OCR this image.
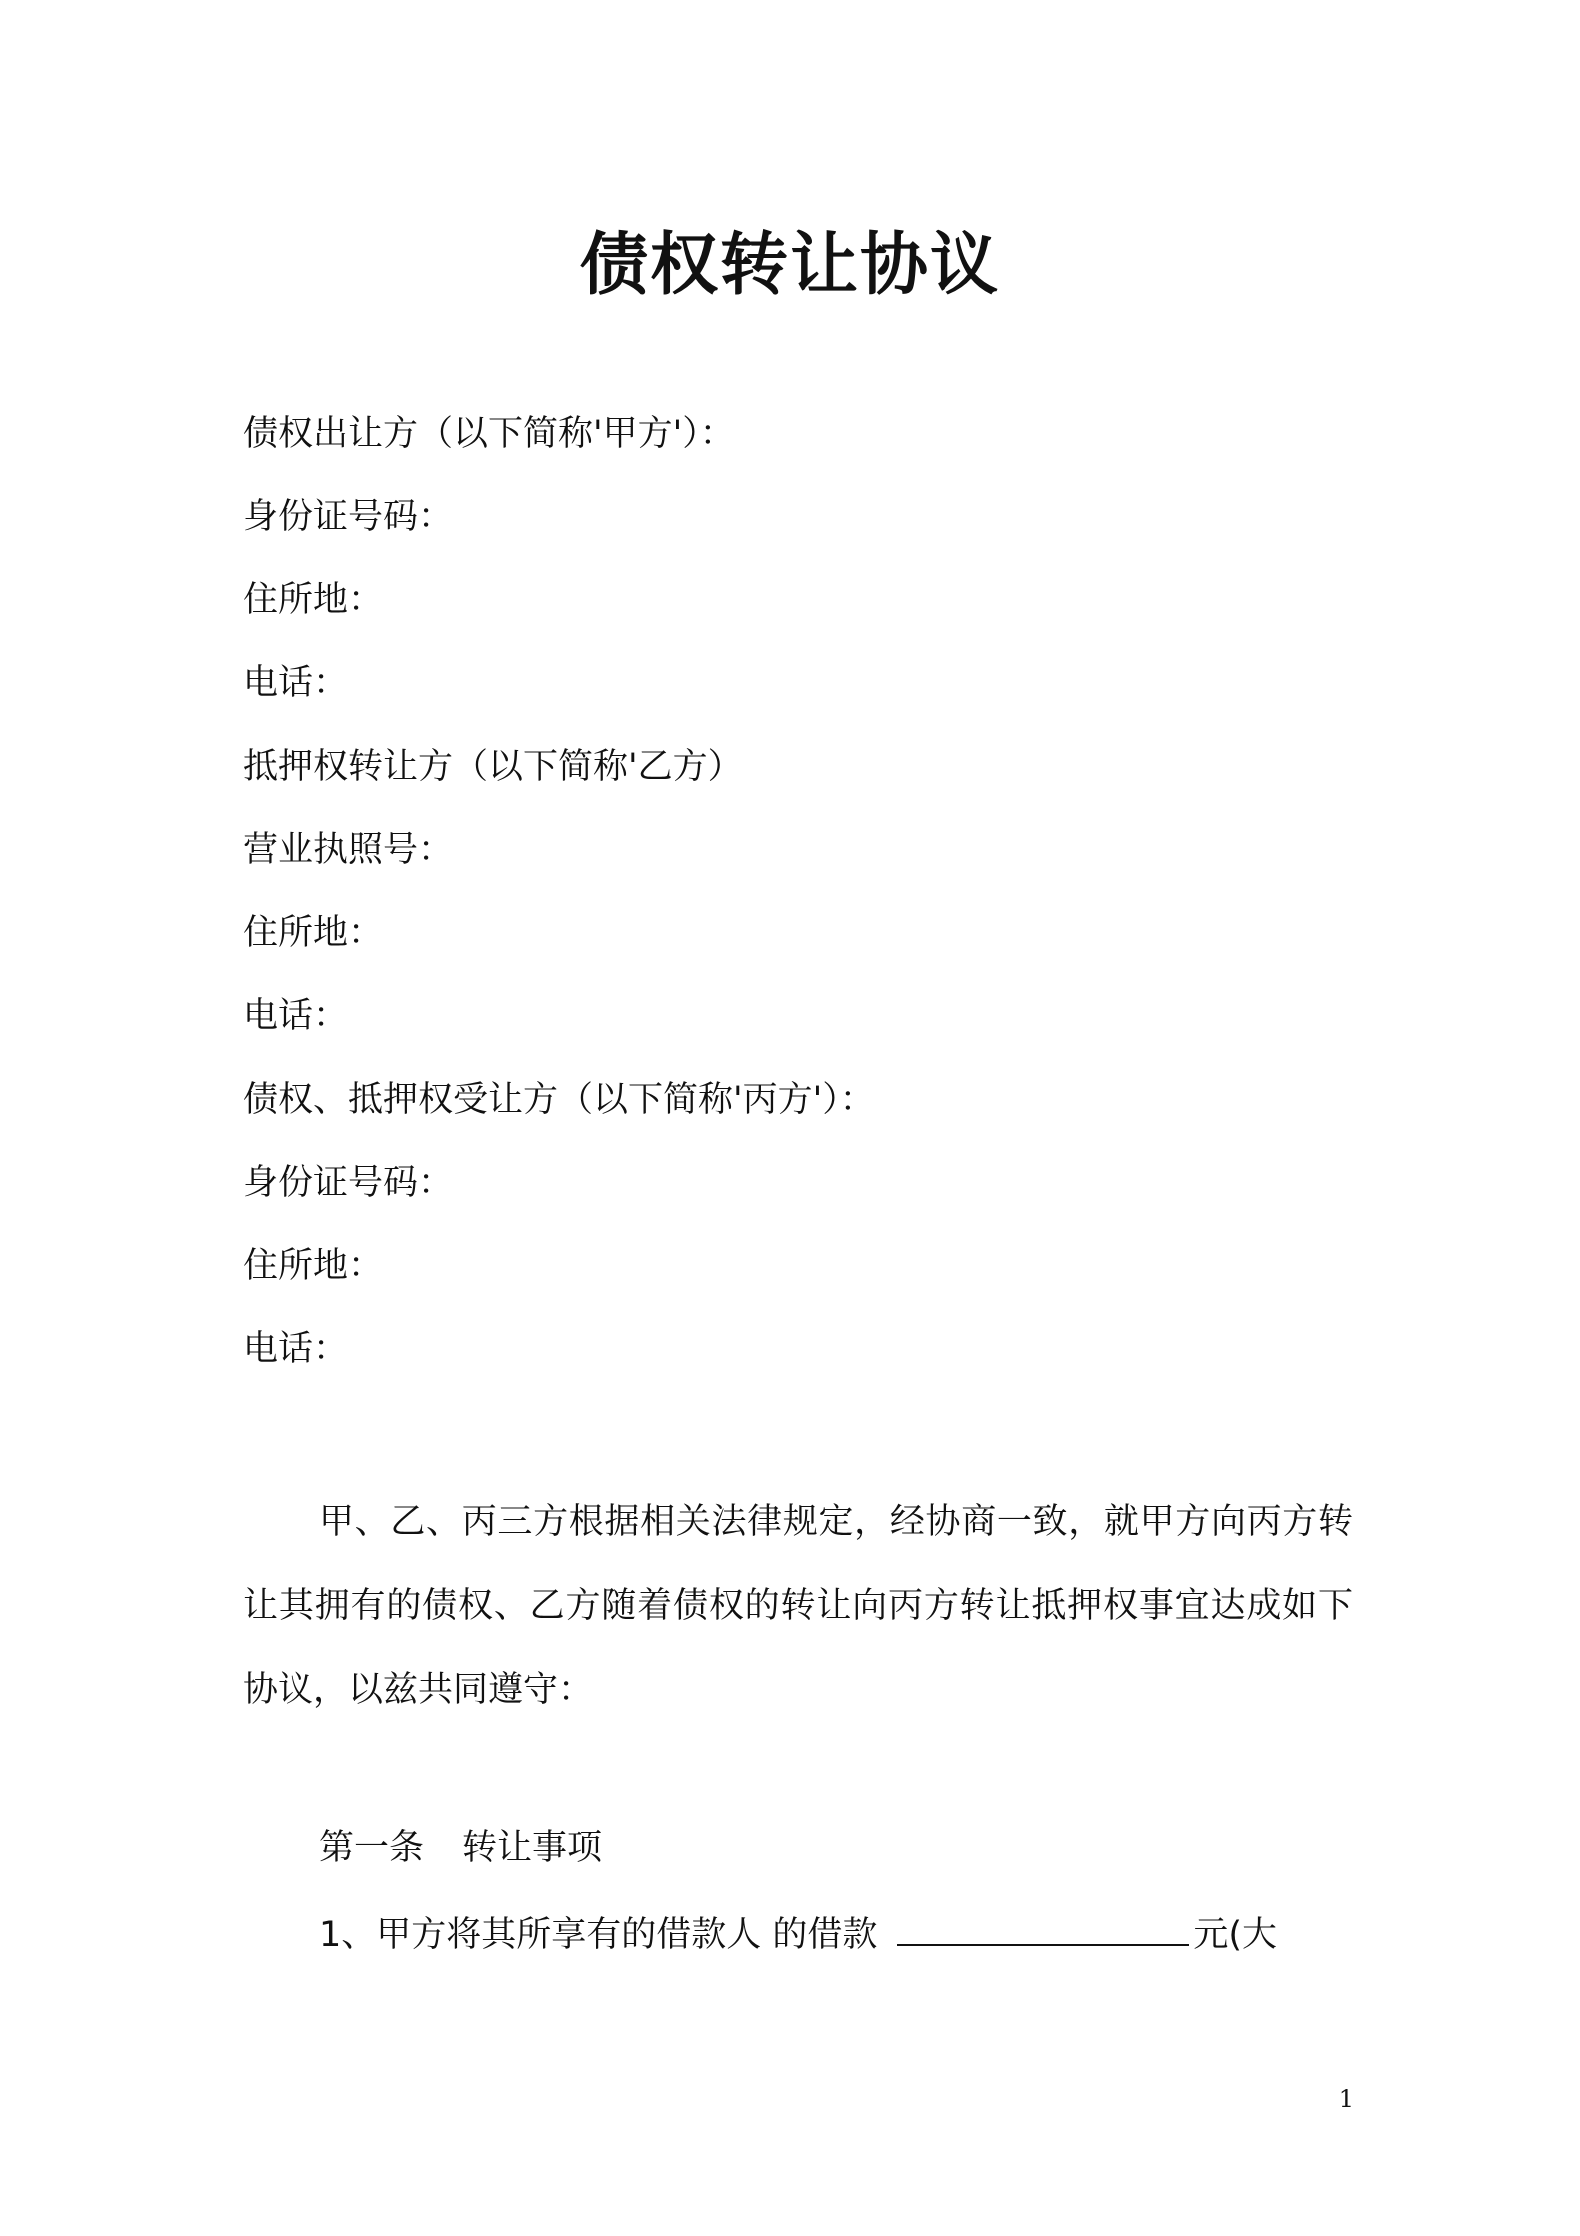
债权转让协议
债权出让方（以下简称'甲方'）：
身份证号码：
住所地：
电话：
抵押权转让方（以下简称'乙方）
营业执照号：
住所地：
电话：
债权、抵押权受让方（以下简称'丙方'）：
身份证号码：
住所地：
电话：
甲、乙、丙三方根据相关法律规定，经协商一致，就甲方向丙方转让其拥有的债权、乙方随着债权的转让向丙方转让抵押权事宜达成如下协议，以兹共同遵守：
第一条 转让事项
1、甲方将其所享有的借款人 的借款	元(大
1
